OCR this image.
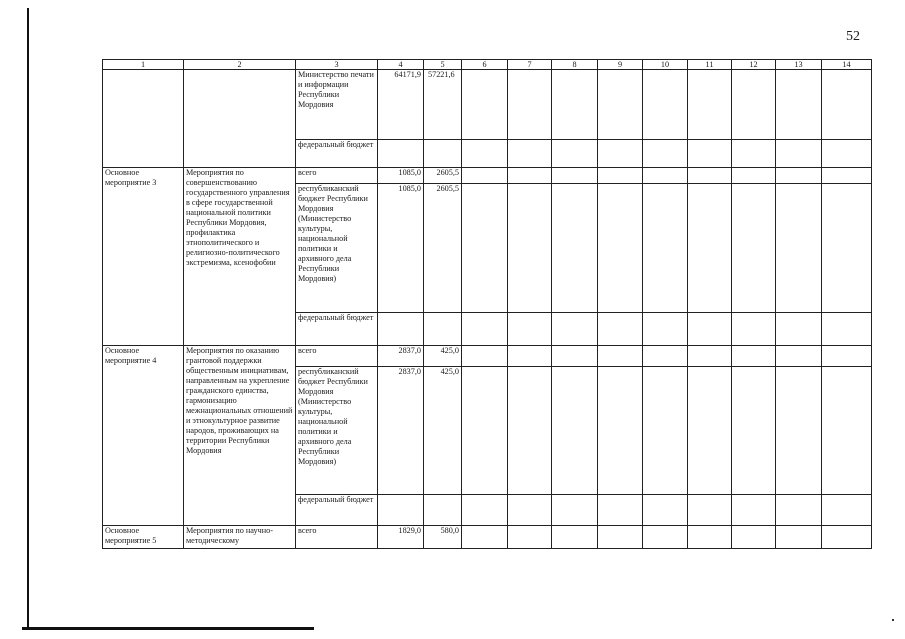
52
1	2	3	4	5	6	7	8	9	10	11	12	13	14
		Министерство печати и информации Республики Мордовия	64171,9	57221,6									
		федеральный бюджет											
Основное мероприятие 3	Мероприятия по совершенствованию государственного управления в сфере государственной национальной политики Республики Мордовия, профилактика этнополитического и религиозно-политического экстремизма, ксенофобии	всего	1085,0	2605,5									
		республиканский бюджет Республики Мордовия (Министерство культуры, национальной политики и архивного дела Республики Мордовия)	1085,0	2605,5									
		федеральный бюджет											
Основное мероприятие 4	Мероприятия по оказанию грантовой поддержки общественным инициативам, направленным на укрепление гражданского единства, гармонизацию межнациональных отношений и этнокультурное развитие народов, проживающих на территории Республики Мордовия	всего	2837,0	425,0									
		республиканский бюджет Республики Мордовия (Министерство культуры, национальной политики и архивного дела Республики Мордовия)	2837,0	425,0									
		федеральный бюджет											
Основное мероприятие 5	Мероприятия по научно-методическому	всего	1829,0	580,0									
